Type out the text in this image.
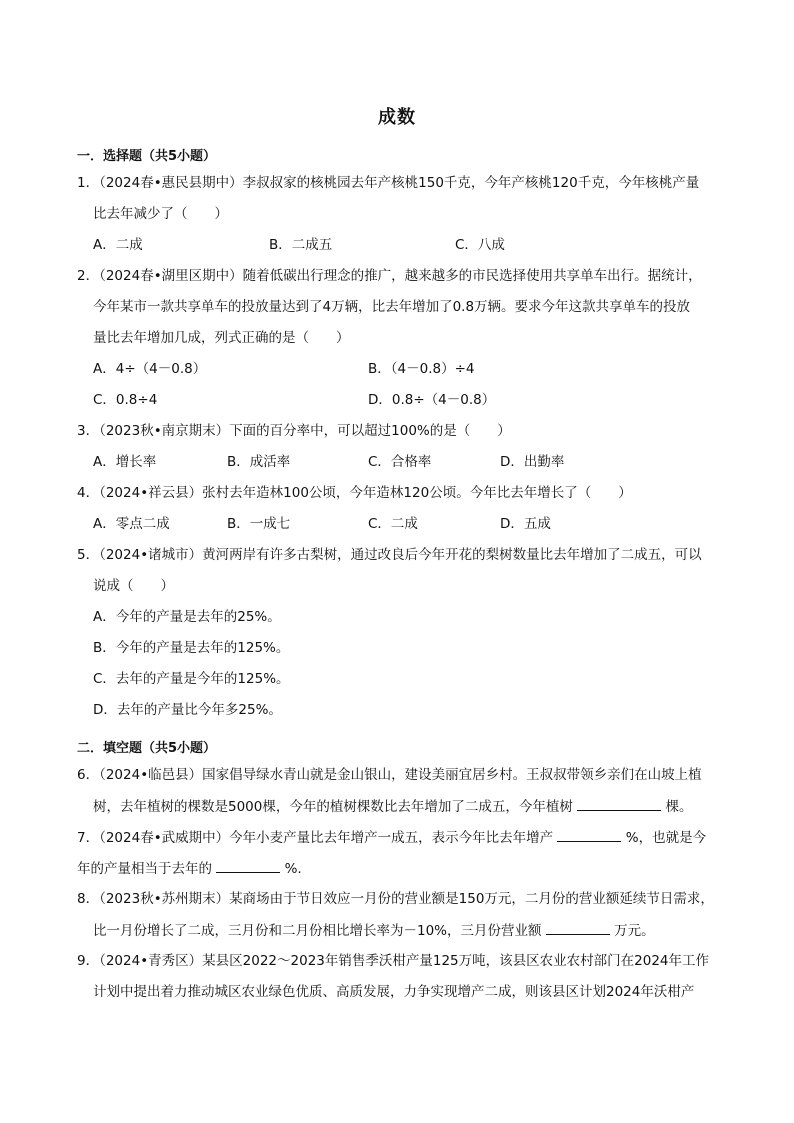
成数
一．选择题（共5小题）
1．（2024春•惠民县期中）李叔叔家的核桃园去年产核桃150千克，今年产核桃120千克，今年核桃产量
比去年减少了（　　）
A．二成	B．二成五	C．八成
2．（2024春•湖里区期中）随着低碳出行理念的推广，越来越多的市民选择使用共享单车出行。据统计，
今年某市一款共享单车的投放量达到了4万辆，比去年增加了0.8万辆。要求今年这款共享单车的投放
量比去年增加几成，列式正确的是（　　）
A．4÷（4－0.8）	B．（4－0.8）÷4
C．0.8÷4	D．0.8÷（4－0.8）
3．（2023秋•南京期末）下面的百分率中，可以超过100%的是（　　）
A．增长率	B．成活率	C．合格率	D．出勤率
4．（2024•祥云县）张村去年造林100公顷，今年造林120公顷。今年比去年增长了（　　）
A．零点二成	B．一成七	C．二成	D．五成
5．（2024•诸城市）黄河两岸有许多古梨树，通过改良后今年开花的梨树数量比去年增加了二成五，可以
说成（　　）
A．今年的产量是去年的25%。
B．今年的产量是去年的125%。
C．去年的产量是今年的125%。
D．去年的产量比今年多25%。
二．填空题（共5小题）
6．（2024•临邑县）国家倡导绿水青山就是金山银山，建设美丽宜居乡村。王叔叔带领乡亲们在山坡上植
树，去年植树的棵数是5000棵，今年的植树棵数比去年增加了二成五，今年植树	棵。
7．（2024春•武威期中）今年小麦产量比去年增产一成五，表示今年比去年增产	%，也就是今
年的产量相当于去年的	%.
8．（2023秋•苏州期末）某商场由于节日效应一月份的营业额是150万元，二月份的营业额延续节日需求，
比一月份增长了二成，三月份和二月份相比增长率为－10%，三月份营业额	万元。
9．（2024•青秀区）某县区2022～2023年销售季沃柑产量125万吨，该县区农业农村部门在2024年工作
计划中提出着力推动城区农业绿色优质、高质发展，力争实现增产二成，则该县区计划2024年沃柑产
